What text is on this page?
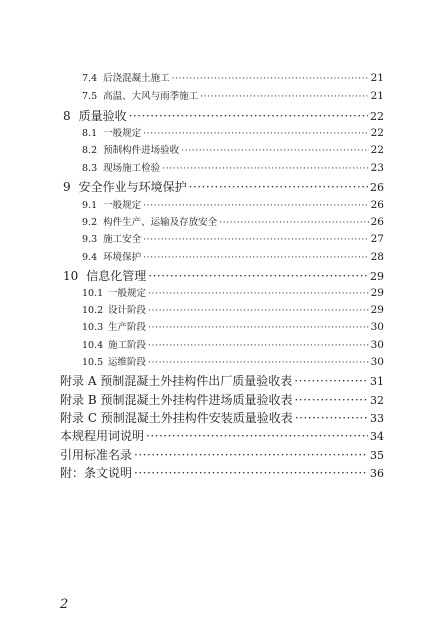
7.4 后浇混凝土施工 ·····	21
7.5 高温、大风与雨季施工 ·····	21
8 质量验收 ·····	22
8.1 一般规定 ·····	22
8.2 预制构件进场验收 ·····	22
8.3 现场施工检验 ·····	23
9 安全作业与环境保护 ·····	26
9.1 一般规定 ·····	26
9.2 构件生产、运输及存放安全 ·····	26
9.3 施工安全 ·····	27
9.4 环境保护 ·····	28
10 信息化管理 ·····	29
10.1 一般规定 ·····	29
10.2 设计阶段 ·····	29
10.3 生产阶段 ·····	30
10.4 施工阶段 ·····	30
10.5 运维阶段 ·····	30
附录 A 预制混凝土外挂构件出厂质量验收表 ·····	31
附录 B 预制混凝土外挂构件进场质量验收表 ·····	32
附录 C 预制混凝土外挂构件安装质量验收表 ·····	33
本规程用词说明 ·····	34
引用标准名录 ·····	35
附：条文说明 ·····	36
2
